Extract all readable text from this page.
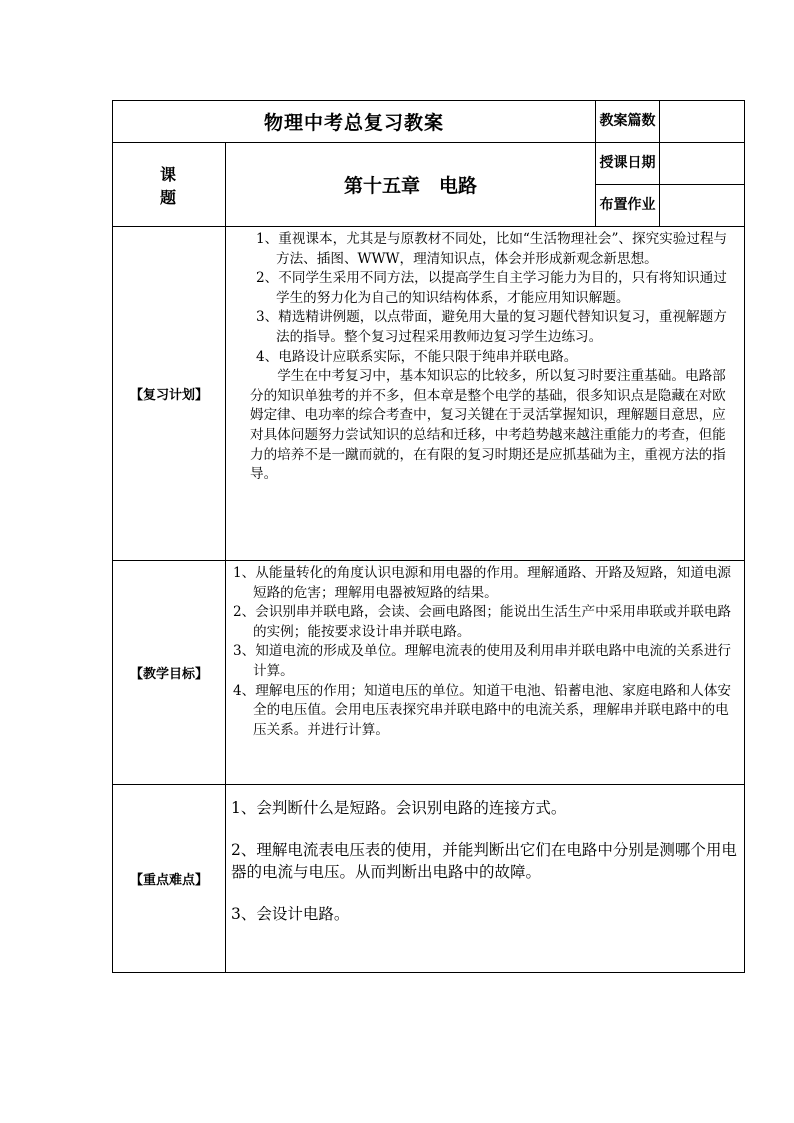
物理中考总复习教案		教案篇数	
课题	第十五章　电路	授课日期	
		布置作业	
【复习计划】	1、重视课本，尤其是与原教材不同处，比如“生活物理社会”、探究实验过程与方法、插图、WWW，理清知识点，体会并形成新观念新思想。

2、不同学生采用不同方法，以提高学生自主学习能力为目的，只有将知识通过学生的努力化为自己的知识结构体系，才能应用知识解题。

3、精选精讲例题，以点带面，避免用大量的复习题代替知识复习，重视解题方法的指导。整个复习过程采用教师边复习学生边练习。

4、电路设计应联系实际，不能只限于纯串并联电路。

学生在中考复习中，基本知识忘的比较多，所以复习时要注重基础。电路部分的知识单独考的并不多，但本章是整个电学的基础，很多知识点是隐藏在对欧姆定律、电功率的综合考查中，复习关键在于灵活掌握知识，理解题目意思，应对具体问题努力尝试知识的总结和迁移，中考趋势越来越注重能力的考查，但能力的培养不是一蹴而就的，在有限的复习时期还是应抓基础为主，重视方法的指导。		

【教学目标】	1、从能量转化的角度认识电源和用电器的作用。理解通路、开路及短路，知道电源短路的危害；理解用电器被短路的结果。

2、会识别串并联电路，会读、会画电路图；能说出生活生产中采用串联或并联电路的实例；能按要求设计串并联电路。

3、知道电流的形成及单位。理解电流表的使用及利用串并联电路中电流的关系进行计算。

4、理解电压的作用；知道电压的单位。知道干电池、铅蓄电池、家庭电路和人体安全的电压值。会用电压表探究串并联电路中的电流关系，理解串并联电路中的电压关系。并进行计算。		

【重点难点】	1、会判断什么是短路。会识别电路的连接方式。

2、理解电流表电压表的使用，并能判断出它们在电路中分别是测哪个用电器的电流与电压。从而判断出电路中的故障。

3、会设计电路。		
